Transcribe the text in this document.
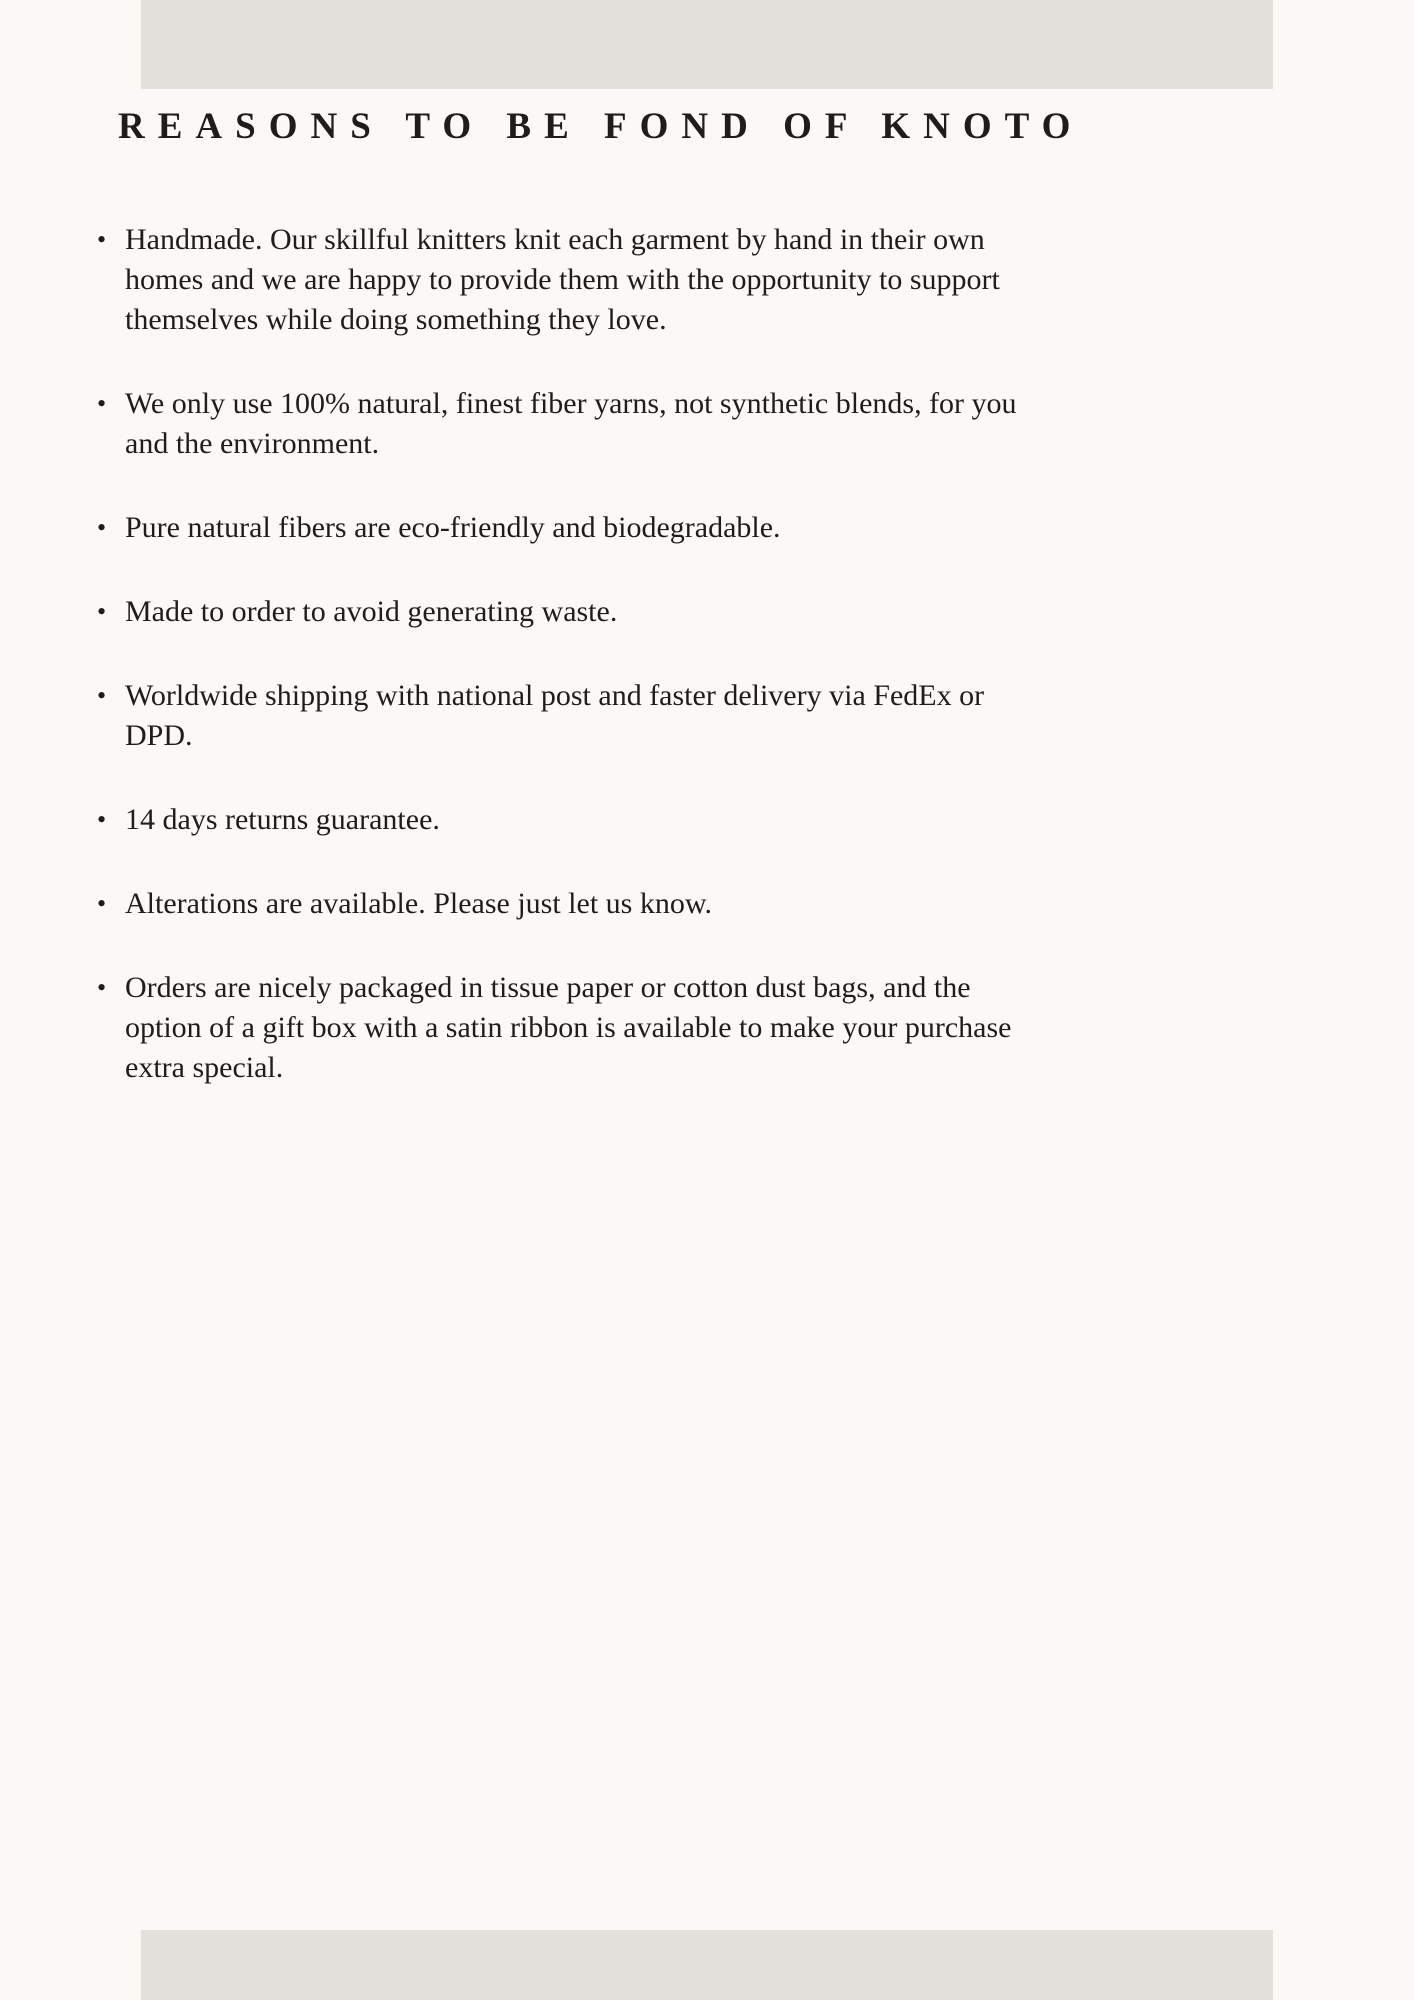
REASONS TO BE FOND OF KNOTO
• Handmade. Our skillful knitters knit each garment by hand in their own homes and we are happy to provide them with the opportunity to support themselves while doing something they love.
• We only use 100% natural, finest fiber yarns, not synthetic blends, for you and the environment.
• Pure natural fibers are eco-friendly and biodegradable.
• Made to order to avoid generating waste.
• Worldwide shipping with national post and faster delivery via FedEx or DPD.
• 14 days returns guarantee.
• Alterations are available. Please just let us know.
• Orders are nicely packaged in tissue paper or cotton dust bags, and the option of a gift box with a satin ribbon is available to make your purchase extra special.
